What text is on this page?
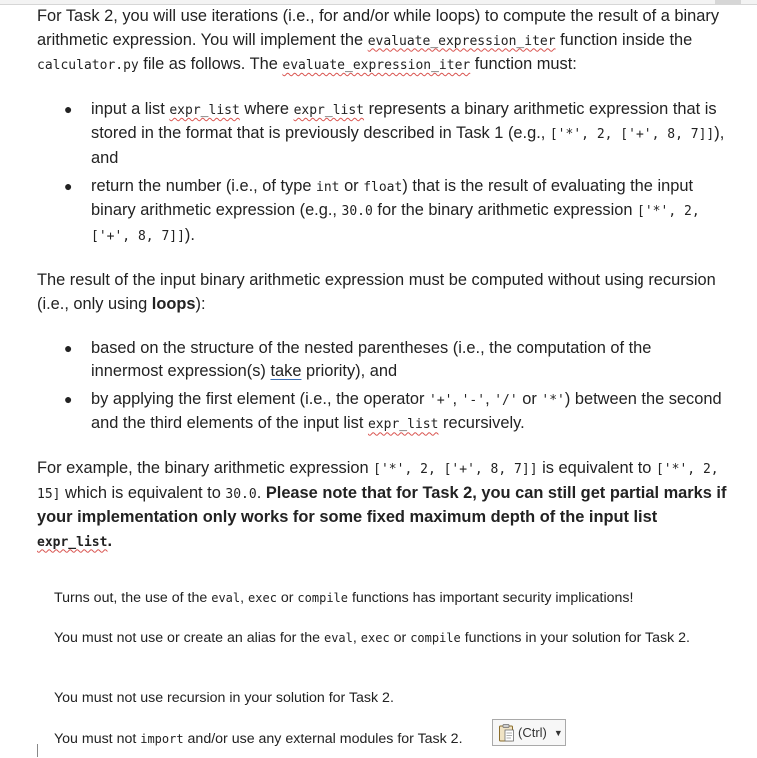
For Task 2, you will use iterations (i.e., for and/or while loops) to compute the result of a binary arithmetic expression. You will implement the evaluate_expression_iter function inside the calculator.py file as follows. The evaluate_expression_iter function must:

● input a list expr_list where expr_list represents a binary arithmetic expression that is stored in the format that is previously described in Task 1 (e.g., ['*', 2, ['+', 8, 7]]), and
● return the number (i.e., of type int or float) that is the result of evaluating the input binary arithmetic expression (e.g., 30.0 for the binary arithmetic expression ['*', 2, ['+', 8, 7]]).

The result of the input binary arithmetic expression must be computed without using recursion (i.e., only using loops):

● based on the structure of the nested parentheses (i.e., the computation of the innermost expression(s) take priority), and
● by applying the first element (i.e., the operator '+', '-', '/' or '*') between the second and the third elements of the input list expr_list recursively.

For example, the binary arithmetic expression ['*', 2, ['+', 8, 7]] is equivalent to ['*', 2, 15] which is equivalent to 30.0. Please note that for Task 2, you can still get partial marks if your implementation only works for some fixed maximum depth of the input list expr_list.

Turns out, the use of the eval, exec or compile functions has important security implications!
You must not use or create an alias for the eval, exec or compile functions in your solution for Task 2.
You must not use recursion in your solution for Task 2.
You must not import and/or use any external modules for Task 2.	(Ctrl) ▼
